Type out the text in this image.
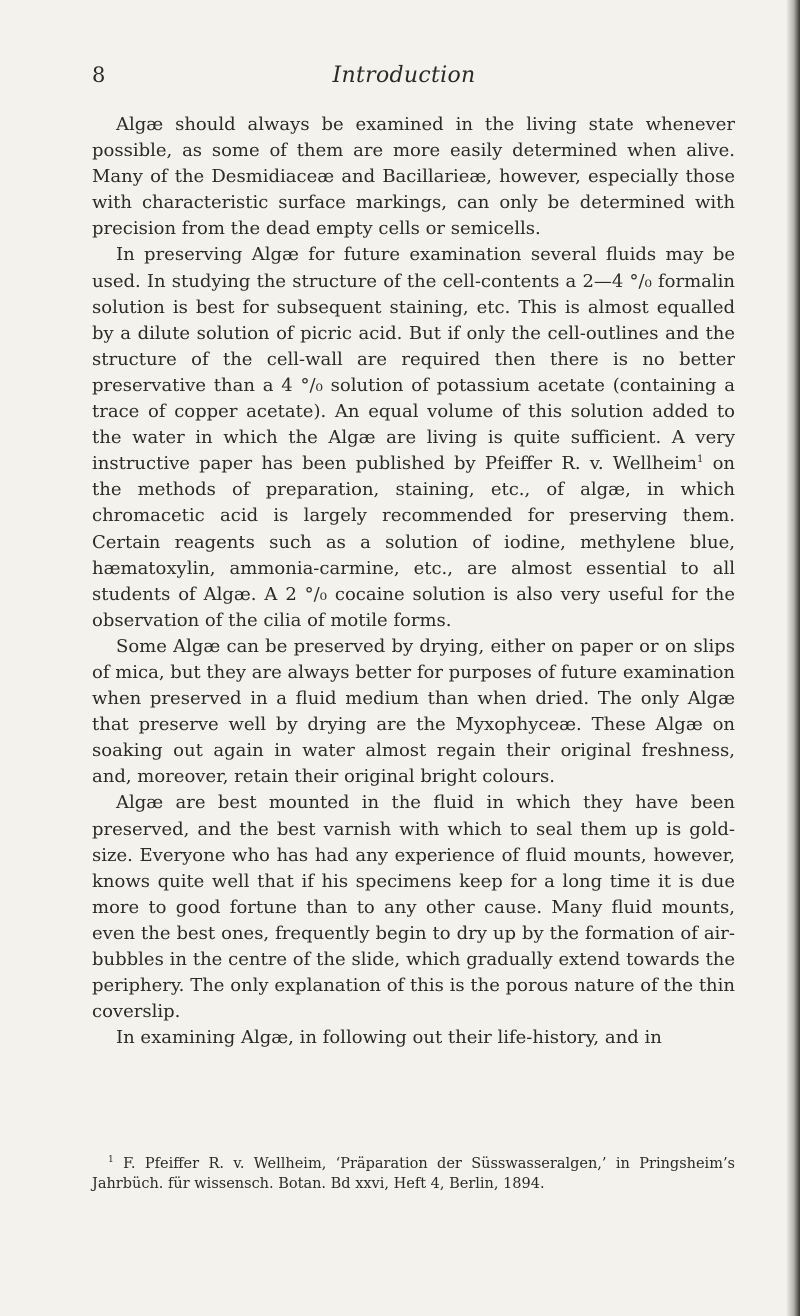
8	Introduction

Algæ should always be examined in the living state whenever possible, as some of them are more easily determined when alive. Many of the Desmidiaceæ and Bacillarieæ, however, especially those with characteristic surface markings, can only be determined with precision from the dead empty cells or semicells.

In preserving Algæ for future examination several fluids may be used. In studying the structure of the cell-contents a 2—4 °/₀ formalin solution is best for subsequent staining, etc. This is almost equalled by a dilute solution of picric acid. But if only the cell-outlines and the structure of the cell-wall are required then there is no better preservative than a 4 °/₀ solution of potassium acetate (containing a trace of copper acetate). An equal volume of this solution added to the water in which the Algæ are living is quite sufficient. A very instructive paper has been published by Pfeiffer R. v. Wellheim$^1$ on the methods of preparation, staining, etc., of algæ, in which chromacetic acid is largely recommended for preserving them. Certain reagents such as a solution of iodine, methylene blue, hæmatoxylin, ammonia-carmine, etc., are almost essential to all students of Algæ. A 2 °/₀ cocaine solution is also very useful for the observation of the cilia of motile forms.

Some Algæ can be preserved by drying, either on paper or on slips of mica, but they are always better for purposes of future examination when preserved in a fluid medium than when dried. The only Algæ that preserve well by drying are the Myxophyceæ. These Algæ on soaking out again in water almost regain their original freshness, and, moreover, retain their original bright colours.

Algæ are best mounted in the fluid in which they have been preserved, and the best varnish with which to seal them up is gold-size. Everyone who has had any experience of fluid mounts, however, knows quite well that if his specimens keep for a long time it is due more to good fortune than to any other cause. Many fluid mounts, even the best ones, frequently begin to dry up by the formation of air-bubbles in the centre of the slide, which gradually extend towards the periphery. The only explanation of this is the porous nature of the thin coverslip.

In examining Algæ, in following out their life-history, and in

$^1$ F. Pfeiffer R. v. Wellheim, ‘Präparation der Süsswasseralgen,’ in Pringsheim’s Jahrbüch. für wissensch. Botan. Bd xxvi, Heft 4, Berlin, 1894.
